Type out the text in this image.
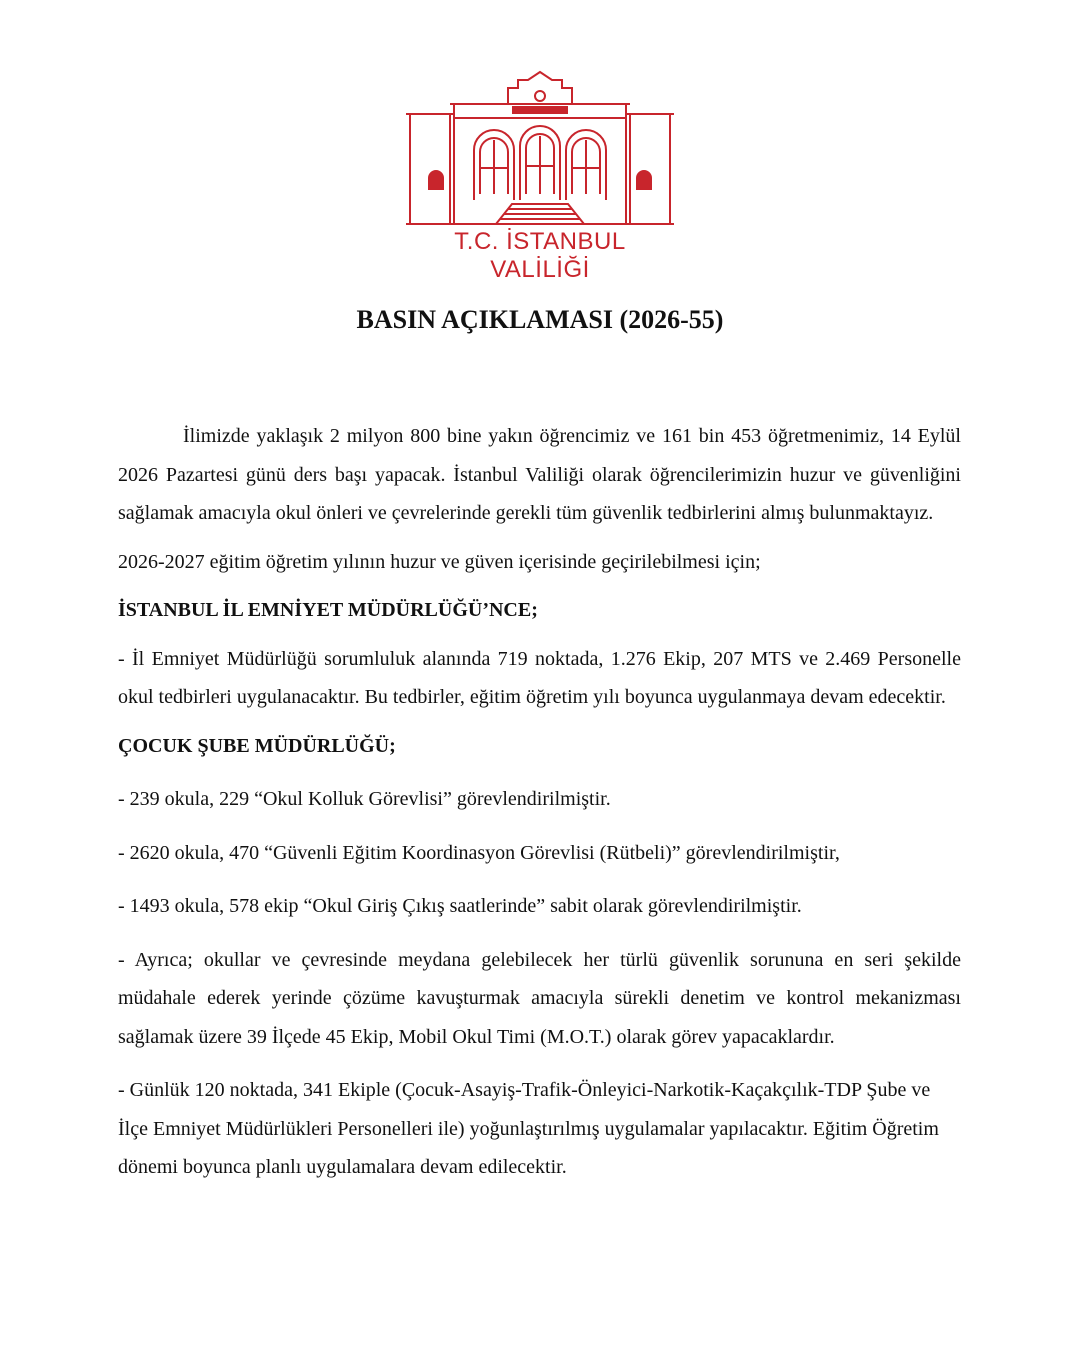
T.C. İSTANBUL VALİLİĞİ
BASIN AÇIKLAMASI (2026-55)

İlimizde yaklaşık 2 milyon 800 bine yakın öğrencimiz ve 161 bin 453 öğretmenimiz, 14 Eylül 2026 Pazartesi günü ders başı yapacak. İstanbul Valiliği olarak öğrencilerimizin huzur ve güvenliğini sağlamak amacıyla okul önleri ve çevrelerinde gerekli tüm güvenlik tedbirlerini almış bulunmaktayız.

2026-2027 eğitim öğretim yılının huzur ve güven içerisinde geçirilebilmesi için;

İSTANBUL İL EMNİYET MÜDÜRLÜĞÜ’NCE;

- İl Emniyet Müdürlüğü sorumluluk alanında 719 noktada, 1.276 Ekip, 207 MTS ve 2.469 Personelle okul tedbirleri uygulanacaktır. Bu tedbirler, eğitim öğretim yılı boyunca uygulanmaya devam edecektir.

ÇOCUK ŞUBE MÜDÜRLÜĞÜ;

- 239 okula, 229 “Okul Kolluk Görevlisi” görevlendirilmiştir.

- 2620 okula, 470 “Güvenli Eğitim Koordinasyon Görevlisi (Rütbeli)” görevlendirilmiştir,

- 1493 okula, 578 ekip “Okul Giriş Çıkış saatlerinde” sabit olarak görevlendirilmiştir.

- Ayrıca; okullar ve çevresinde meydana gelebilecek her türlü güvenlik sorununa en seri şekilde müdahale ederek yerinde çözüme kavuşturmak amacıyla sürekli denetim ve kontrol mekanizması sağlamak üzere 39 İlçede 45 Ekip, Mobil Okul Timi (M.O.T.) olarak görev yapacaklardır.

- Günlük 120 noktada, 341 Ekiple (Çocuk-Asayiş-Trafik-Önleyici-Narkotik-Kaçakçılık-TDP Şube ve İlçe Emniyet Müdürlükleri Personelleri ile) yoğunlaştırılmış uygulamalar yapılacaktır. Eğitim Öğretim dönemi boyunca planlı uygulamalara devam edilecektir.
